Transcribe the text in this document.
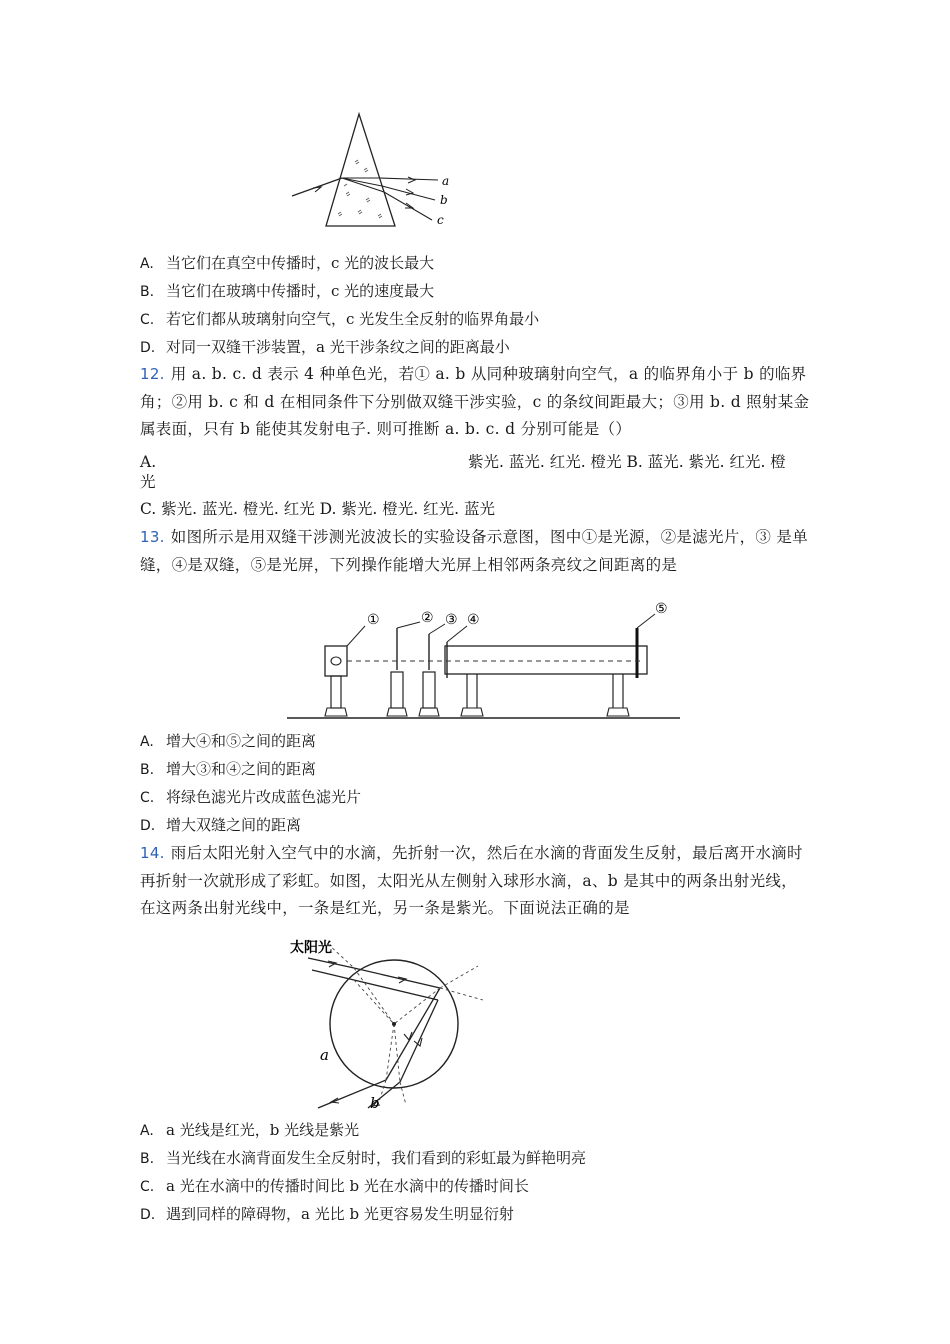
a
b
c
A. 当它们在真空中传播时，c 光的波长最大
B. 当它们在玻璃中传播时，c 光的速度最大
C. 若它们都从玻璃射向空气，c 光发生全反射的临界角最小
D. 对同一双缝干涉装置，a 光干涉条纹之间的距离最小
12. 用 a. b. c. d 表示 4 种单色光，若① a. b 从同种玻璃射向空气，a 的临界角小于 b 的临界角；②用 b. c 和 d 在相同条件下分别做双缝干涉实验，c 的条纹间距最大；③用 b. d 照射某金属表面，只有 b 能使其发射电子. 则可推断 a. b. c. d 分别可能是（）
A.	紫光. 蓝光. 红光. 橙光 B. 蓝光. 紫光. 红光. 橙
光
C. 紫光. 蓝光. 橙光. 红光 D. 紫光. 橙光. 红光. 蓝光
13. 如图所示是用双缝干涉测光波波长的实验设备示意图，图中①是光源，②是滤光片，③ 是单缝，④是双缝，⑤是光屏，下列操作能增大光屏上相邻两条亮纹之间距离的是
①	② ③ ④
⑤
A. 增大④和⑤之间的距离
B. 增大③和④之间的距离
C. 将绿色滤光片改成蓝色滤光片
D. 增大双缝之间的距离
14. 雨后太阳光射入空气中的水滴，先折射一次，然后在水滴的背面发生反射，最后离开水滴时再折射一次就形成了彩虹。如图，太阳光从左侧射入球形水滴，a、b 是其中的两条出射光线，在这两条出射光线中，一条是红光，另一条是紫光。下面说法正确的是
太阳光
a
b
A. a 光线是红光，b 光线是紫光
B. 当光线在水滴背面发生全反射时，我们看到的彩虹最为鲜艳明亮
C. a 光在水滴中的传播时间比 b 光在水滴中的传播时间长
D. 遇到同样的障碍物，a 光比 b 光更容易发生明显衍射
